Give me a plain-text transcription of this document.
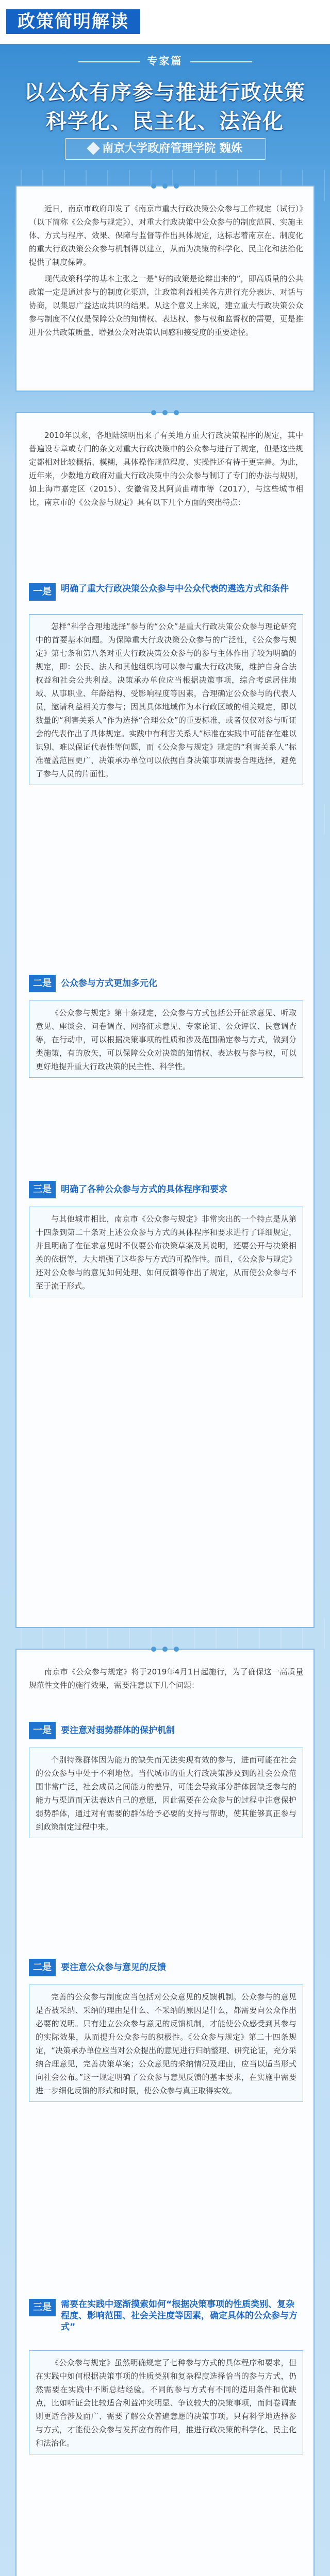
政策简明解读
专家篇
以公众有序参与推进行政决策
科学化、民主化、法治化
南京大学政府管理学院 魏姝

近日，南京市政府印发了《南京市重大行政决策公众参与工作规定（试行）》（以下简称《公众参与规定》），对重大行政决策中公众参与的制度范围、实施主体、方式与程序、效果、保障与监督等作出具体规定，这标志着南京在、制度化的重大行政决策公众参与机制得以建立，从而为决策的科学化、民主化和法治化提供了制度保障。

现代政策科学的基本主张之一是“好的政策是论辩出来的”，即高质量的公共政策一定是通过参与的制度化渠道，让政策利益相关各方进行充分表达、对话与协商，以集思广益达成共识的结果。从这个意义上来说，建立重大行政决策公众参与制度不仅仅是保障公众的知情权、表达权、参与权和监督权的需要，更是推进开公共政策质量、增强公众对决策认同感和接受度的重要途径。

2010年以来，各地陆续明出来了有关地方重大行政决策程序的规定，其中普遍设专章或专门的条文对重大行政决策中的公众参与进行了规定，但是这些规定都相对比较概括、模糊，具体操作规范程度、实操性还有待于更完善。为此，近年来，少数地方政府对重大行政决策中的公众参与制订了专门的办法与规则，如上海市嘉定区（2015）、安徽省及其阿黄曲靖市等（2017），与这些城市相比，南京市的《公众参与规定》具有以下几个方面的突出特点：

一是	明确了重大行政决策公众参与中公众代表的遴选方式和条件

怎样“科学合理地选择”参与的“公众”是重大行政决策公众参与理论研究中的首要基本问题。为保障重大行政决策公众参与的广泛性，《公众参与规定》第七条和第八条对重大行政决策公众参与的参与主体作出了较为明确的规定，即：公民、法人和其他组织均可以参与重大行政决策，维护自身合法权益和社会公共利益。决策承办单位应当根据决策事项，综合考虑居住地域、从事职业、年龄结构、受影响程度等因素，合理确定公众参与的代表人员，邀请利益相关方参与；因其具体地域作为本行政区域的相关规定，即以数量的“利害关系人”作为选择“合理公众”的重要标准，或者仅仅对参与听证会的代表作出了具体规定。实践中有利害关系人”标准在实践中可能存在难以识别、难以保证代表性等问题，而《公众参与规定》规定的“利害关系人”标准覆盖范围更广，决策承办单位可以依据自身决策事项需要合理选择，避免了参与人员的片面性。

二是	公众参与方式更加多元化

《公众参与规定》第十条规定，公众参与方式包括公开征求意见、听取意见、座谈会、问卷调查、网络征求意见、专家论证、公众评议、民意调查等，在行动中，可以根据决策事项的性质和涉及范围确定参与方式，做到分类施策，有的放矢，可以保障公众对决策的知情权、表达权与参与权，可以更好地提升重大行政决策的民主性、科学性。

三是	明确了各种公众参与方式的具体程序和要求

与其他城市相比，南京市《公众参与规定》非常突出的一个特点是从第十四条到第二十条对上述公众参与方式的具体程序和要求进行了详细规定，并且明确了在征求意见时不仅要公布决策草案及其说明，还要公开与决策相关的依据等，大大增强了这些参与方式的可操作性。而且，《公众参与规定》还对公众参与的意见如何处理、如何反馈等作出了规定，从而使公众参与不至于流于形式。

南京市《公众参与规定》将于2019年4月1日起施行，为了确保这一高质量规范性文件的施行效果，需要注意以下几个问题：

一是	要注意对弱势群体的保护机制

个别特殊群体因为能力的缺失而无法实现有效的参与，进而可能在社会的公众参与中处于不利地位。当代城市的重大行政决策涉及到的社会公众范围非常广泛，社会成员之间能力的差异，可能会导致部分群体因缺乏参与的能力与渠道而无法表达自己的意愿，因此需要在公众参与的过程中注意保护弱势群体，通过对有需要的群体给予必要的支持与帮助，使其能够真正参与到政策制定过程中来。

二是	要注意公众参与意见的反馈

完善的公众参与制度应当包括对公众意见的反馈机制。公众参与的意见是否被采纳、采纳的理由是什么、不采纳的原因是什么，都需要向公众作出必要的说明。只有建立公众参与意见的反馈机制，才能使公众感受到其参与的实际效果，从而提升公众参与的积极性。《公众参与规定》第二十四条规定，“决策承办单位应当对公众提出的意见进行归纳整理、研究论证，充分采纳合理意见，完善决策草案；公众意见的采纳情况及理由，应当以适当形式向社会公布。”这一规定明确了公众参与意见反馈的基本要求，在实施中需要进一步细化反馈的形式和时限，使公众参与真正取得实效。

三是	需要在实践中逐渐摸索如何“根据决策事项的性质类别、复杂程度、影响范围、社会关注度等因素，确定具体的公众参与方式”

《公众参与规定》虽然明确规定了七种参与方式的具体程序和要求，但在实践中如何根据决策事项的性质类别和复杂程度选择恰当的参与方式，仍然需要在实践中不断总结经验。不同的参与方式有不同的适用条件和优缺点，比如听证会比较适合利益冲突明显、争议较大的决策事项，而问卷调查则更适合涉及面广、需要了解公众普遍意愿的决策事项。只有科学地选择参与方式，才能使公众参与发挥应有的作用，推进行政决策的科学化、民主化和法治化。
